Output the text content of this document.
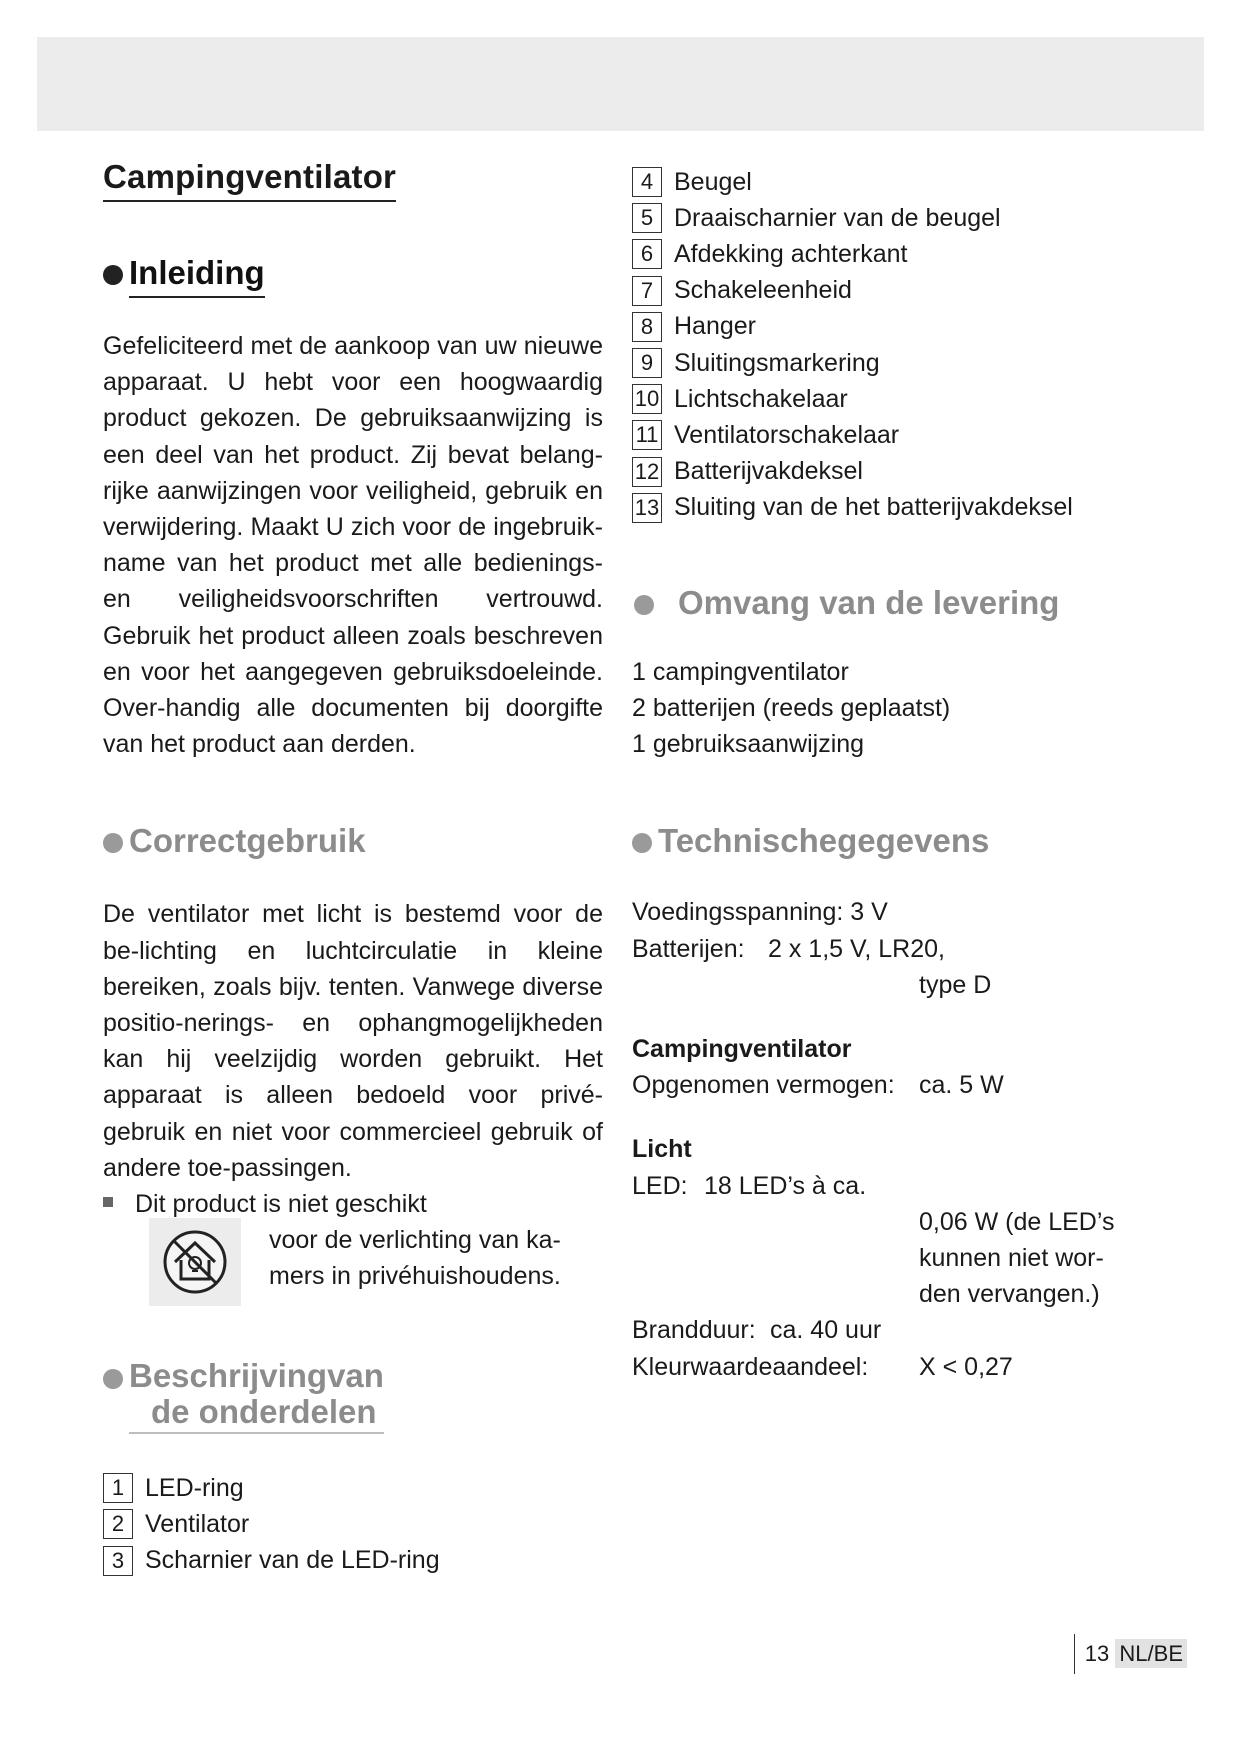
Campingventilator
Inleiding

Gefeliciteerd met de aankoop van uw nieuwe apparaat. U hebt voor een hoogwaardig product gekozen. De gebruiksaanwijzing is een deel van het product. Zij bevat belang-rijke aanwijzingen voor veiligheid, gebruik en verwijdering. Maakt U zich voor de ingebruik-name van het product met alle bedienings- en veiligheidsvoorschriften vertrouwd. Gebruik het product alleen zoals beschreven en voor het aangegeven gebruiksdoeleinde. Over-handig alle documenten bij doorgifte van het product aan derden.

Correctgebruik

De ventilator met licht is bestemd voor de be-lichting en luchtcirculatie in kleine bereiken, zoals bijv. tenten. Vanwege diverse positio-nerings- en ophangmogelijkheden kan hij veelzijdig worden gebruikt. Het apparaat is alleen bedoeld voor privé-gebruik en niet voor commercieel gebruik of andere toe-passingen.

Dit product is niet geschikt
voor de verlichting van ka-
mers in privéhuishoudens.
Beschrijvingvan
de onderdelen
1 LED-ring
2 Ventilator
3 Scharnier van de LED-ring
4 Beugel
5 Draaischarnier van de beugel
6 Afdekking achterkant
7 Schakeleenheid
8 Hanger
9 Sluitingsmarkering
10 Lichtschakelaar
11 Ventilatorschakelaar
12 Batterijvakdeksel
13 Sluiting van de het batterijvakdeksel
Omvang van de levering
1 campingventilator
2 batterijen (reeds geplaatst)
1 gebruiksaanwijzing
Technischegegevens
Voedingsspanning: 3 V
Batterijen: 2 x 1,5 V, LR20,
type D
Campingventilator
Opgenomen vermogen: ca. 5 W
Licht
LED: 18 LED’s à ca.
0,06 W (de LED’s
kunnen niet wor-
den vervangen.)
Brandduur: ca. 40 uur
Kleurwaardeaandeel: X < 0,27
13 NL/BE
